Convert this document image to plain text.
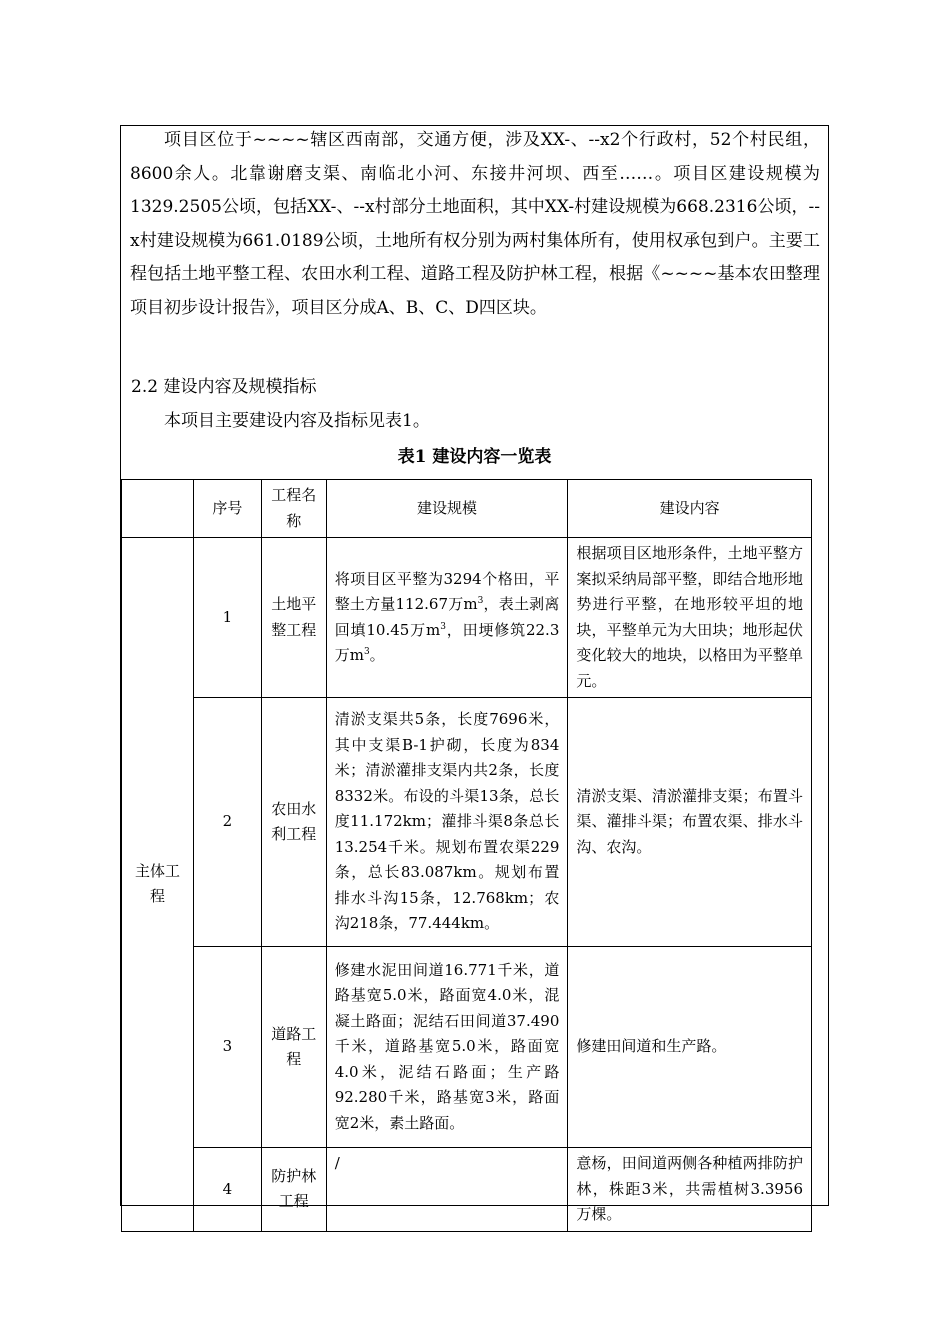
项目区位于~~~~辖区西南部，交通方便，涉及XX-、--x2个行政村，52个村民组，8600余人。北靠谢磨支渠、南临北小河、东接井河坝、西至……。项目区建设规模为1329.2505公顷，包括XX-、--x村部分土地面积，其中XX-村建设规模为668.2316公顷，--x村建设规模为661.0189公顷，土地所有权分别为两村集体所有，使用权承包到户。主要工程包括土地平整工程、农田水利工程、道路工程及防护林工程，根据《~~~~基本农田整理项目初步设计报告》，项目区分成A、B、C、D四区块。

2.2 建设内容及规模指标

本项目主要建设内容及指标见表1。

表1 建设内容一览表
	序号	工程名称	建设规模	建设内容
主体工程	1	土地平整工程	将项目区平整为3294个格田，平整土方量112.67万$m^3$，表土剥离回填10.45万$m^3$，田埂修筑22.3万$m^3$。	根据项目区地形条件，土地平整方案拟采纳局部平整，即结合地形地势进行平整，在地形较平坦的地块，平整单元为大田块；地形起伏变化较大的地块，以格田为平整单元。
	2	农田水利工程	清淤支渠共5条，长度7696米，其中支渠B-1护砌，长度为834米；清淤灌排支渠内共2条，长度8332米。布设的斗渠13条，总长度11.172km；灌排斗渠8条总长13.254千米。规划布置农渠229条，总长83.087km。规划布置排水斗沟15条，12.768km；农沟218条，77.444km。	清淤支渠、清淤灌排支渠；布置斗渠、灌排斗渠；布置农渠、排水斗沟、农沟。
	3	道路工程	修建水泥田间道16.771千米，道路基宽5.0米，路面宽4.0米，混凝土路面；泥结石田间道37.490千米，道路基宽5.0米，路面宽4.0米，泥结石路面；生产路92.280千米，路基宽3米，路面宽2米，素土路面。	修建田间道和生产路。
	4	防护林工程	/	意杨，田间道两侧各种植两排防护林，株距3米，共需植树3.3956万棵。
